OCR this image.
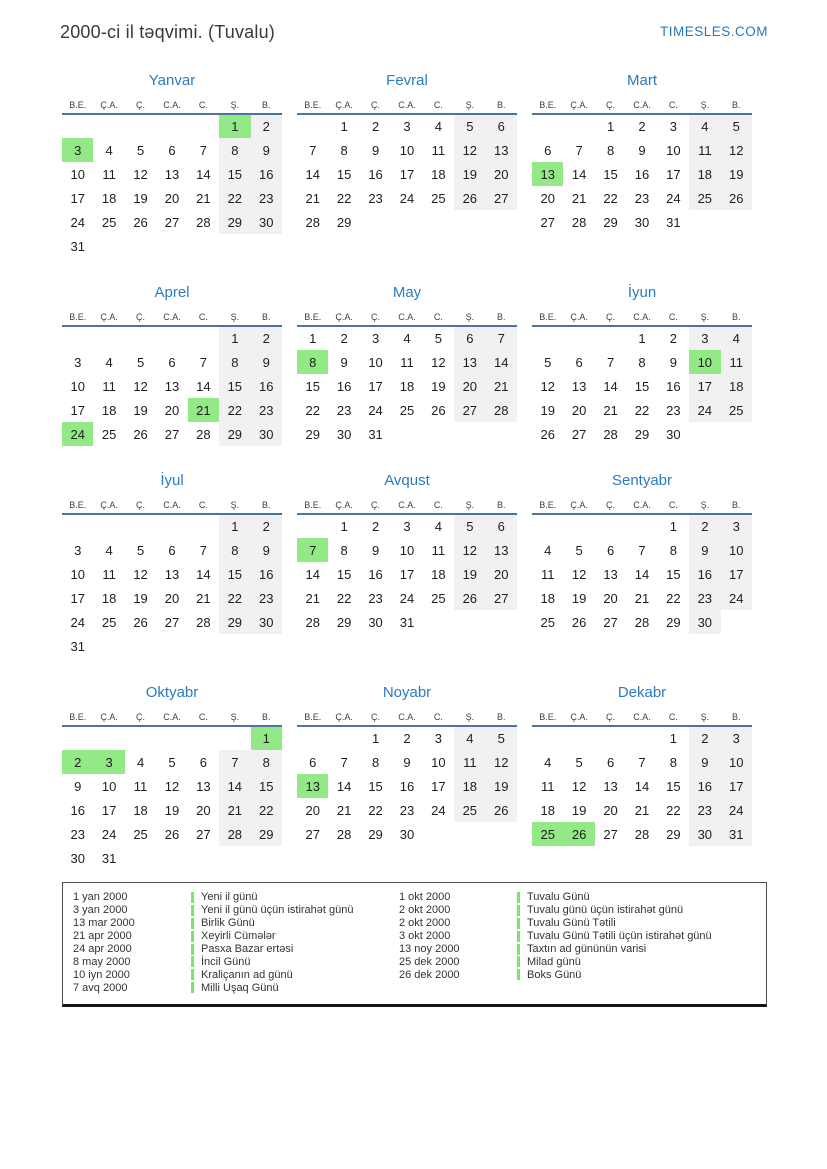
2000-ci il təqvimi. (Tuvalu)	TIMESLES.COM
Yanvar
B.E.	Ç.A.	Ç.	C.A.	C.	Ş.	B.
					1	2
3	4	5	6	7	8	9
10	11	12	13	14	15	16
17	18	19	20	21	22	23
24	25	26	27	28	29	30
31						
Fevral
B.E.	Ç.A.	Ç.	C.A.	C.	Ş.	B.
	1	2	3	4	5	6
7	8	9	10	11	12	13
14	15	16	17	18	19	20
21	22	23	24	25	26	27
28	29					
Mart
B.E.	Ç.A.	Ç.	C.A.	C.	Ş.	B.
		1	2	3	4	5
6	7	8	9	10	11	12
13	14	15	16	17	18	19
20	21	22	23	24	25	26
27	28	29	30	31		
Aprel
B.E.	Ç.A.	Ç.	C.A.	C.	Ş.	B.
					1	2
3	4	5	6	7	8	9
10	11	12	13	14	15	16
17	18	19	20	21	22	23
24	25	26	27	28	29	30
May
B.E.	Ç.A.	Ç.	C.A.	C.	Ş.	B.
1	2	3	4	5	6	7
8	9	10	11	12	13	14
15	16	17	18	19	20	21
22	23	24	25	26	27	28
29	30	31				
İyun
B.E.	Ç.A.	Ç.	C.A.	C.	Ş.	B.
			1	2	3	4
5	6	7	8	9	10	11
12	13	14	15	16	17	18
19	20	21	22	23	24	25
26	27	28	29	30		
İyul
B.E.	Ç.A.	Ç.	C.A.	C.	Ş.	B.
					1	2
3	4	5	6	7	8	9
10	11	12	13	14	15	16
17	18	19	20	21	22	23
24	25	26	27	28	29	30
31						
Avqust
B.E.	Ç.A.	Ç.	C.A.	C.	Ş.	B.
	1	2	3	4	5	6
7	8	9	10	11	12	13
14	15	16	17	18	19	20
21	22	23	24	25	26	27
28	29	30	31			
Sentyabr
B.E.	Ç.A.	Ç.	C.A.	C.	Ş.	B.
				1	2	3
4	5	6	7	8	9	10
11	12	13	14	15	16	17
18	19	20	21	22	23	24
25	26	27	28	29	30	
Oktyabr
B.E.	Ç.A.	Ç.	C.A.	C.	Ş.	B.
						1
2	3	4	5	6	7	8
9	10	11	12	13	14	15
16	17	18	19	20	21	22
23	24	25	26	27	28	29
30	31					
Noyabr
B.E.	Ç.A.	Ç.	C.A.	C.	Ş.	B.
		1	2	3	4	5
6	7	8	9	10	11	12
13	14	15	16	17	18	19
20	21	22	23	24	25	26
27	28	29	30			
Dekabr
B.E.	Ç.A.	Ç.	C.A.	C.	Ş.	B.
				1	2	3
4	5	6	7	8	9	10
11	12	13	14	15	16	17
18	19	20	21	22	23	24
25	26	27	28	29	30	31
1 yan 2000	Yeni il günü
3 yan 2000	Yeni il günü üçün istirahət günü
13 mar 2000	Birlik Günü
21 apr 2000	Xeyirli Cümələr
24 apr 2000	Pasxa Bazar ertəsi
8 may 2000	İncil Günü
10 iyn 2000	Kraliçanın ad günü
7 avq 2000	Milli Uşaq Günü
1 okt 2000	Tuvalu Günü
2 okt 2000	Tuvalu günü üçün istirahət günü
2 okt 2000	Tuvalu Günü Tətili
3 okt 2000	Tuvalu Günü Tətili üçün istirahət günü
13 noy 2000	Taxtın ad gününün varisi
25 dek 2000	Milad günü
26 dek 2000	Boks Günü
